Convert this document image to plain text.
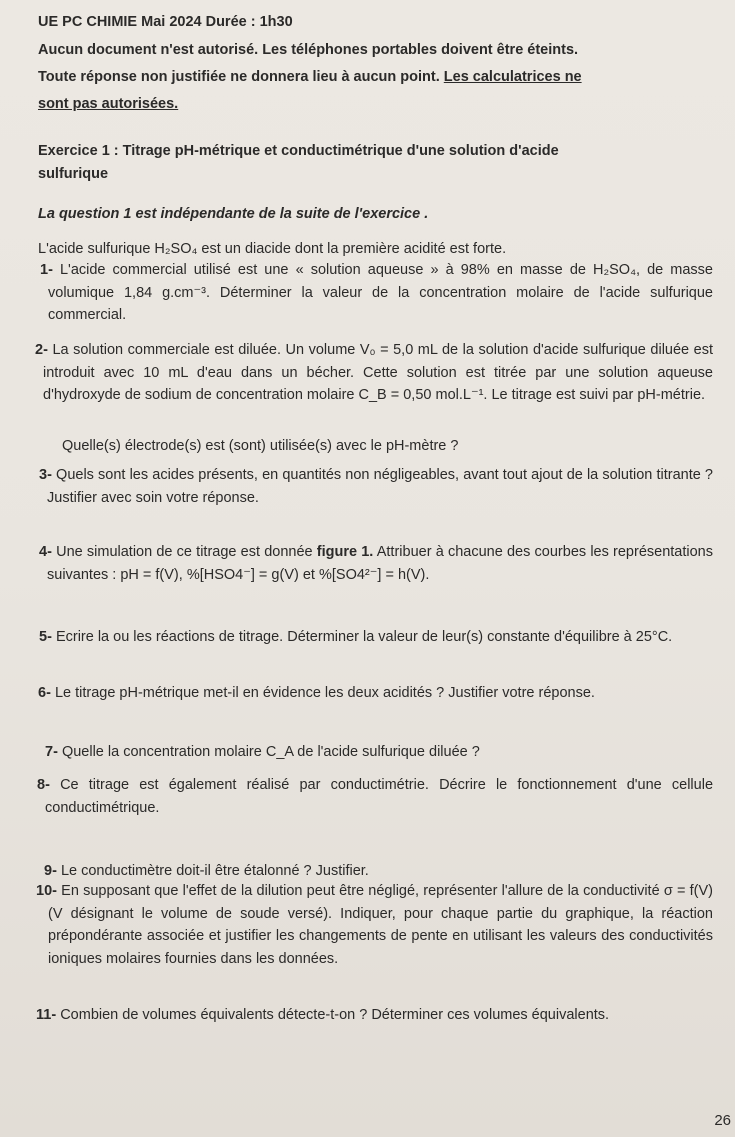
UE PC CHIMIE Mai 2024 Durée : 1h30

Aucun document n'est autorisé. Les téléphones portables doivent être éteints.

Toute réponse non justifiée ne donnera lieu à aucun point. Les calculatrices ne

sont pas autorisées.

Exercice 1 : Titrage pH-métrique et conductimétrique d'une solution d'acide

sulfurique

La question 1 est indépendante de la suite de l'exercice .

L'acide sulfurique H₂SO₄ est un diacide dont la première acidité est forte.

1- L'acide commercial utilisé est une « solution aqueuse » à 98% en masse de H₂SO₄, de masse volumique 1,84 g.cm⁻³. Déterminer la valeur de la concentration molaire de l'acide sulfurique commercial.

2- La solution commerciale est diluée. Un volume V₀ = 5,0 mL de la solution d'acide sulfurique diluée est introduit avec 10 mL d'eau dans un bécher. Cette solution est titrée par une solution aqueuse d'hydroxyde de sodium de concentration molaire C_B = 0,50 mol.L⁻¹. Le titrage est suivi par pH-métrie.

Quelle(s) électrode(s) est (sont) utilisée(s) avec le pH-mètre ?

3- Quels sont les acides présents, en quantités non négligeables, avant tout ajout de la solution titrante ? Justifier avec soin votre réponse.

4- Une simulation de ce titrage est donnée figure 1. Attribuer à chacune des courbes les représentations suivantes : pH = f(V), %[HSO4⁻] = g(V) et %[SO4²⁻] = h(V).

5- Ecrire la ou les réactions de titrage. Déterminer la valeur de leur(s) constante d'équilibre à 25°C.

6- Le titrage pH-métrique met-il en évidence les deux acidités ? Justifier votre réponse.

7- Quelle la concentration molaire C_A de l'acide sulfurique diluée ?

8- Ce titrage est également réalisé par conductimétrie. Décrire le fonctionnement d'une cellule conductimétrique.

9- Le conductimètre doit-il être étalonné ? Justifier.

10- En supposant que l'effet de la dilution peut être négligé, représenter l'allure de la conductivité σ = f(V) (V désignant le volume de soude versé). Indiquer, pour chaque partie du graphique, la réaction prépondérante associée et justifier les changements de pente en utilisant les valeurs des conductivités ioniques molaires fournies dans les données.

11- Combien de volumes équivalents détecte-t-on ? Déterminer ces volumes équivalents.

26
